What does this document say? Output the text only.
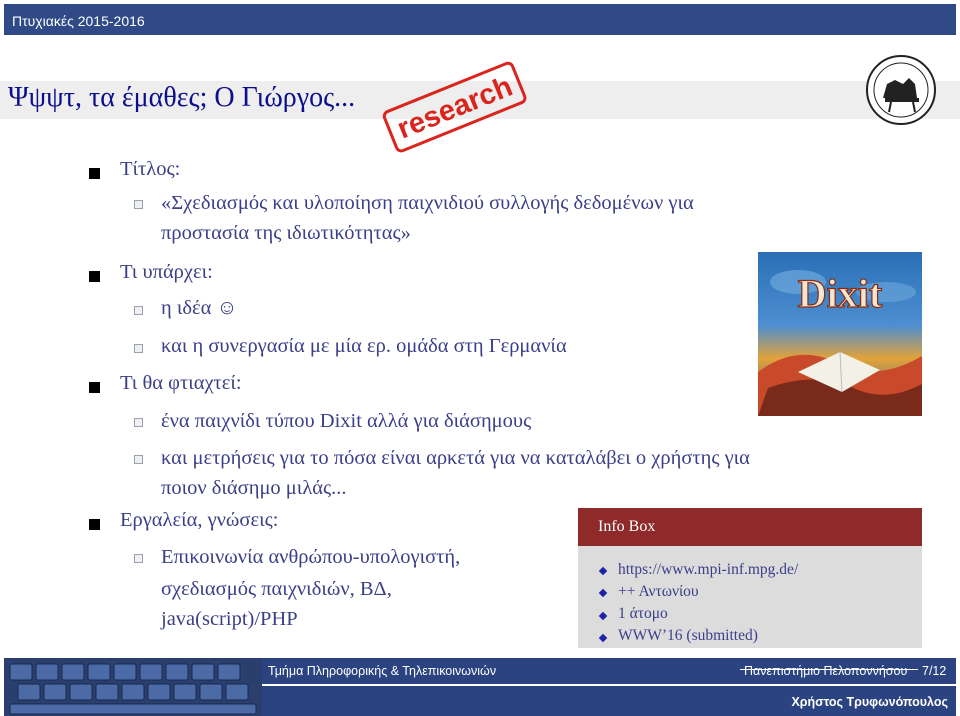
Πτυχιακές 2015-2016
Ψψψτ, τα έμαθες; Ο Γιώργος... research
Τίτλος:
«Σχεδιασμός και υλοποίηση παιχνιδιού συλλογής δεδομένων για
προστασία της ιδιωτικότητας»
Τι υπάρχει:
η ιδέα ☺
και η συνεργασία με μία ερ. ομάδα στη Γερμανία
Τι θα φτιαχτεί:
ένα παιχνίδι τύπου Dixit αλλά για διάσημους
και μετρήσεις για το πόσα είναι αρκετά για να καταλάβει ο χρήστης για
ποιον διάσημο μιλάς...
Εργαλεία, γνώσεις:
Επικοινωνία ανθρώπου-υπολογιστή,
σχεδιασμός παιχνιδιών, ΒΔ,
java(script)/PHP
Dixit
Info Box
https://www.mpi-inf.mpg.de/
++ Αντωνίου
1 άτομο
WWW’16 (submitted)
Τμήμα Πληροφορικής & Τηλεπικοινωνιών	Πανεπιστήμιο Πελοποννήσου 7/12
Χρήστος Τρυφωνόπουλος
